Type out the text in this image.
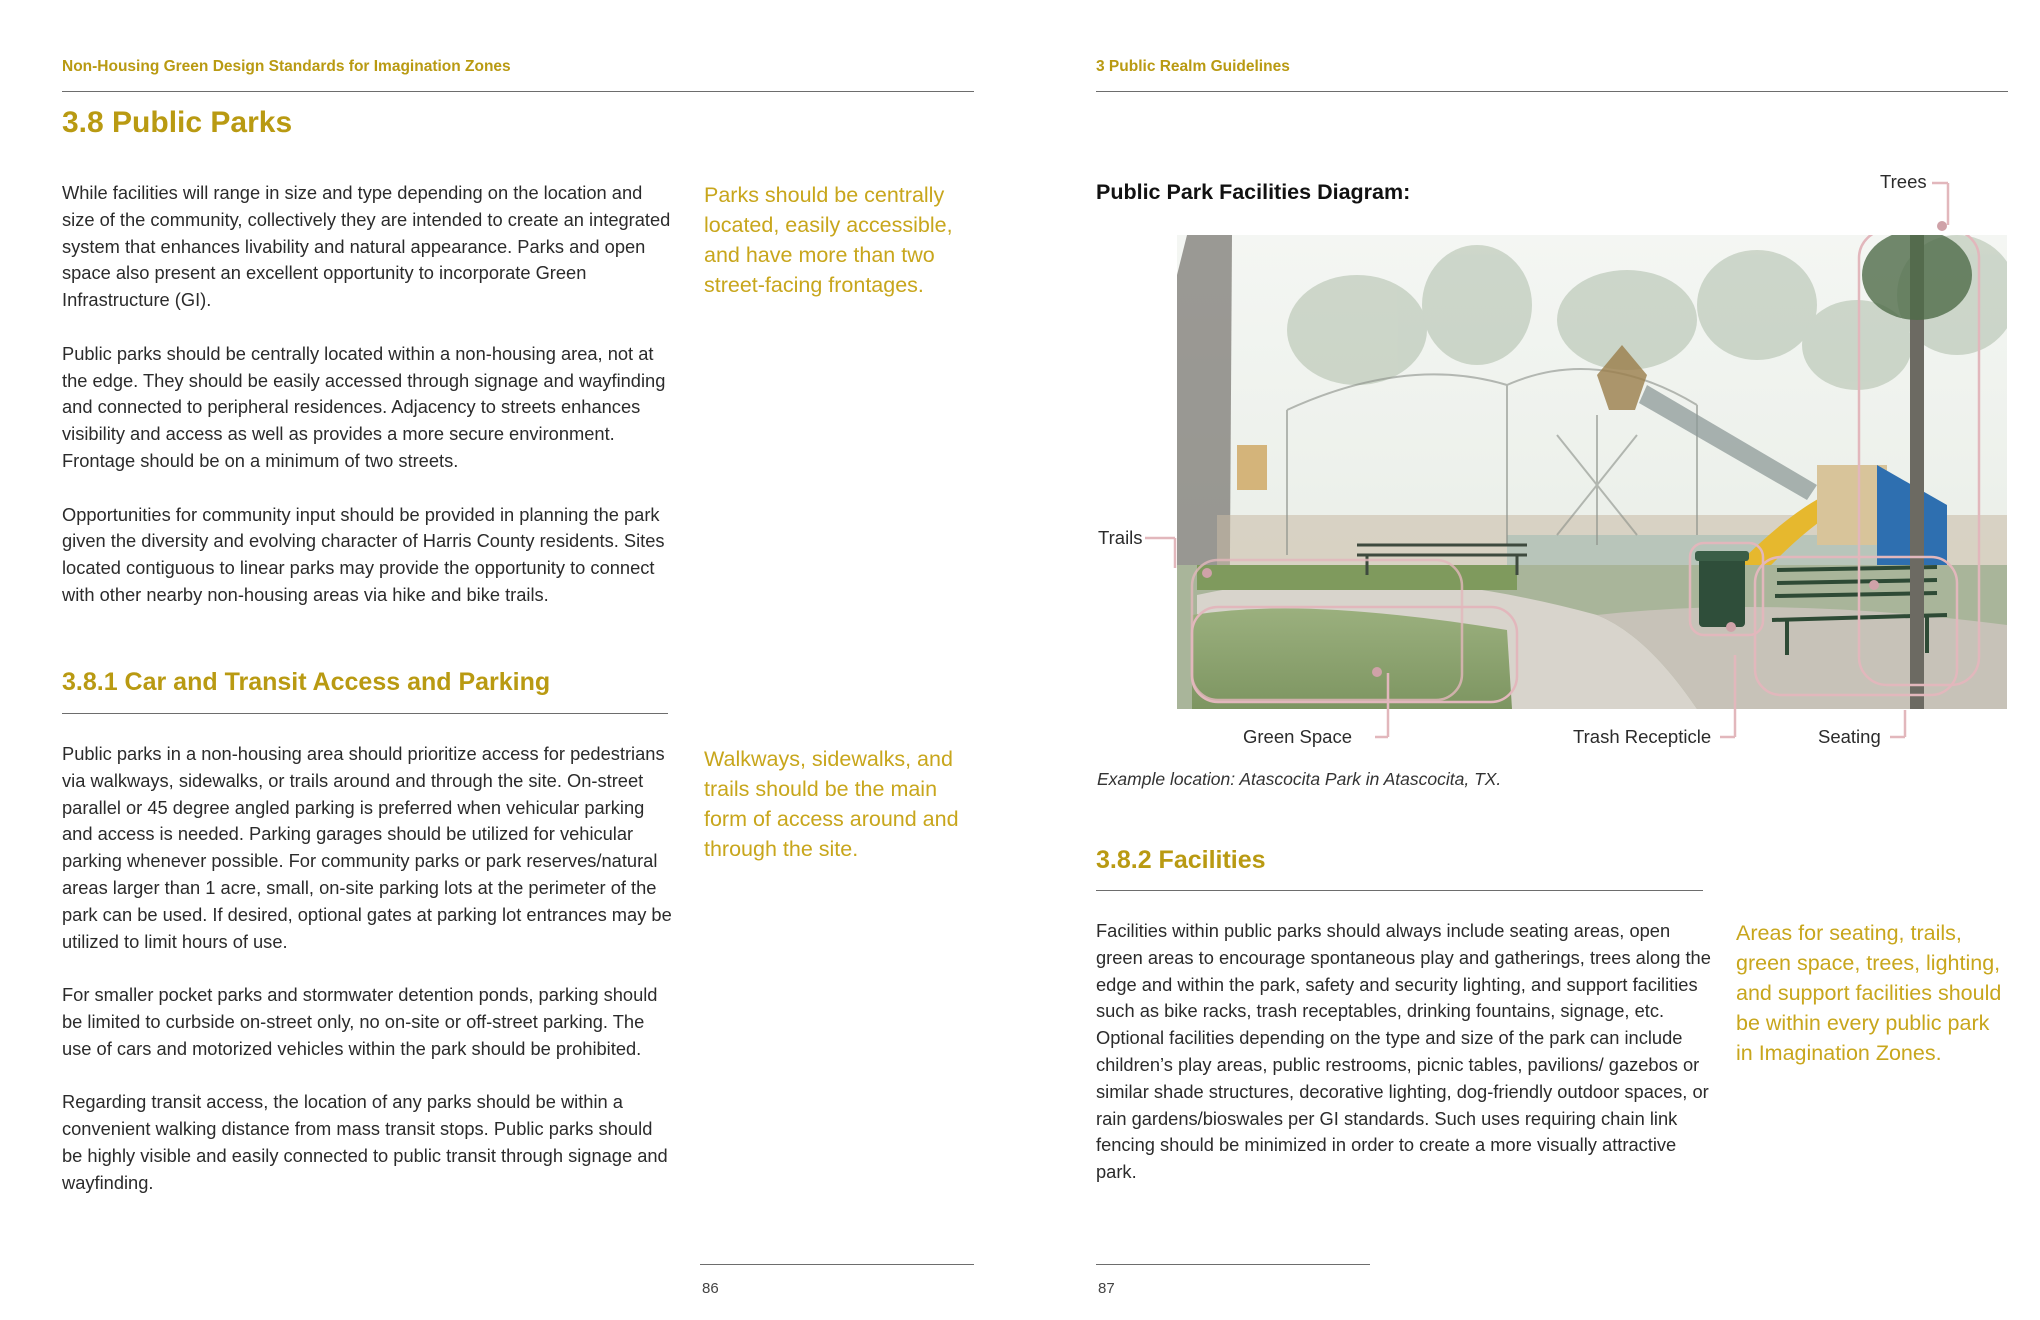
Non-Housing Green Design Standards for Imagination Zones
3.8 Public Parks

While facilities will range in size and type depending on the location and size of the community, collectively they are intended to create an integrated system that enhances livability and natural appearance. Parks and open space also present an excellent opportunity to incorporate Green Infrastructure (GI).

Public parks should be centrally located within a non-housing area, not at the edge. They should be easily accessed through signage and wayfinding and connected to peripheral residences. Adjacency to streets enhances visibility and access as well as provides a more secure environment. Frontage should be on a minimum of two streets.

Opportunities for community input should be provided in planning the park given the diversity and evolving character of Harris County residents. Sites located contiguous to linear parks may provide the opportunity to connect with other nearby non-housing areas via hike and bike trails.

Parks should be centrally located, easily accessible, and have more than two street-facing frontages.
3.8.1 Car and Transit Access and Parking

Public parks in a non-housing area should prioritize access for pedestrians via walkways, sidewalks, or trails around and through the site. On-street parallel or 45 degree angled parking is preferred when vehicular parking and access is needed. Parking garages should be utilized for vehicular parking whenever possible. For community parks or park reserves/natural areas larger than 1 acre, small, on-site parking lots at the perimeter of the park can be used. If desired, optional gates at parking lot entrances may be utilized to limit hours of use.

For smaller pocket parks and stormwater detention ponds, parking should be limited to curbside on-street only, no on-site or off-street parking. The use of cars and motorized vehicles within the park should be prohibited.

Regarding transit access, the location of any parks should be within a convenient walking distance from mass transit stops. Public parks should be highly visible and easily connected to public transit through signage and wayfinding.

Walkways, sidewalks, and trails should be the main form of access around and through the site.
86
3 Public Realm Guidelines
Public Park Facilities Diagram:	Trees
Trails
Green Space	Trash Recepticle	Seating
Example location: Atascocita Park in Atascocita, TX.
3.8.2 Facilities

Facilities within public parks should always include seating areas, open green areas to encourage spontaneous play and gatherings, trees along the edge and within the park, safety and security lighting, and support facilities such as bike racks, trash receptables, drinking fountains, signage, etc. Optional facilities depending on the type and size of the park can include children’s play areas, public restrooms, picnic tables, pavilions/ gazebos or similar shade structures, decorative lighting, dog-friendly outdoor spaces, or rain gardens/bioswales per GI standards. Such uses requiring chain link fencing should be minimized in order to create a more visually attractive park.

Areas for seating, trails, green space, trees, lighting, and support facilities should be within every public park in Imagination Zones.
87
